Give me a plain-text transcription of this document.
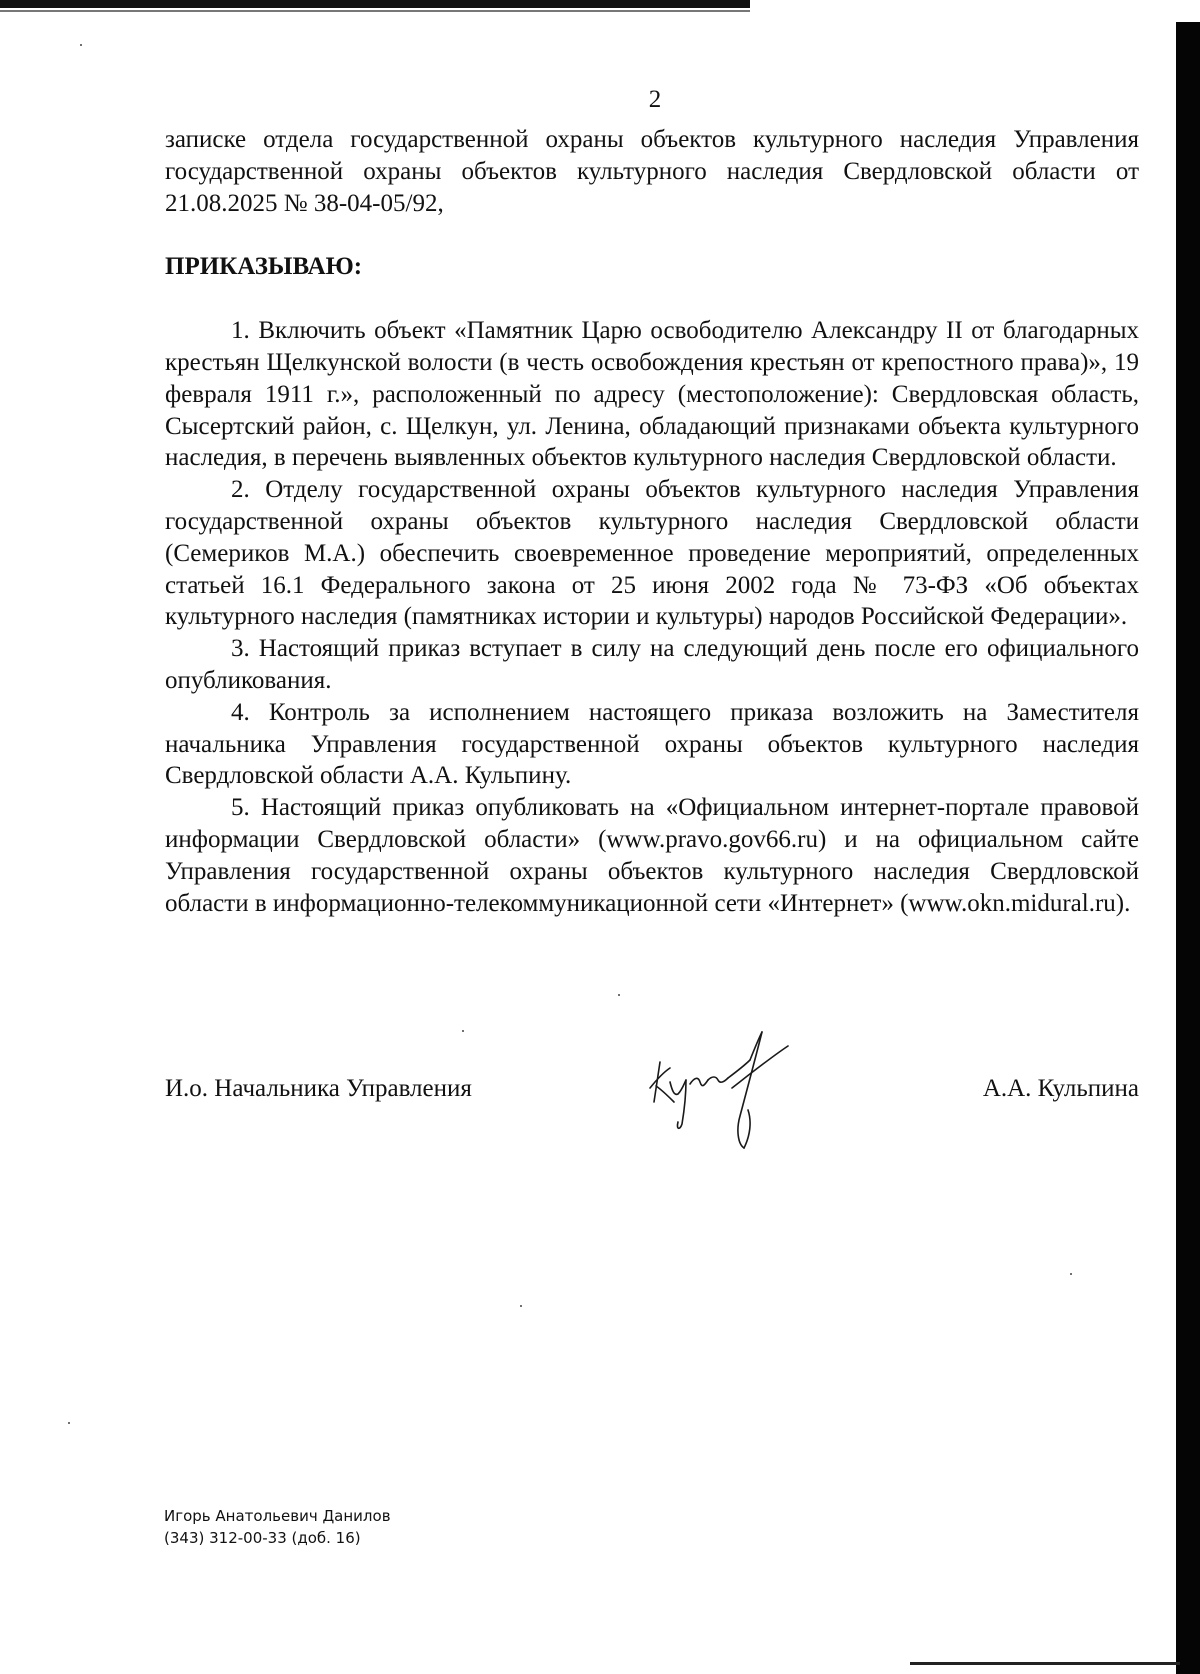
2

записке отдела государственной охраны объектов культурного наследия Управления государственной охраны объектов культурного наследия Свердловской области от 21.08.2025 № 38-04-05/92,

ПРИКАЗЫВАЮ:

1. Включить объект «Памятник Царю освободителю Александру II от благодарных крестьян Щелкунской волости (в честь освобождения крестьян от крепостного права)», 19 февраля 1911 г.», расположенный по адресу (местоположение): Свердловская область, Сысертский район, с. Щелкун, ул. Ленина, обладающий признаками объекта культурного наследия, в перечень выявленных объектов культурного наследия Свердловской области.

2. Отделу государственной охраны объектов культурного наследия Управления государственной охраны объектов культурного наследия Свердловской области (Семериков М.А.) обеспечить своевременное проведение мероприятий, определенных статьей 16.1 Федерального закона от 25 июня 2002 года № 73-ФЗ «Об объектах культурного наследия (памятниках истории и культуры) народов Российской Федерации».

3. Настоящий приказ вступает в силу на следующий день после его официального опубликования.

4. Контроль за исполнением настоящего приказа возложить на Заместителя начальника Управления государственной охраны объектов культурного наследия Свердловской области А.А. Кульпину.

5. Настоящий приказ опубликовать на «Официальном интернет-портале правовой информации Свердловской области» (www.pravo.gov66.ru) и на официальном сайте Управления государственной охраны объектов культурного наследия Свердловской области в информационно-телекоммуникационной сети «Интернет» (www.okn.midural.ru).

И.о. Начальника Управления	А.А. Кульпина
Игорь Анатольевич Данилов
(343) 312-00-33 (доб. 16)
